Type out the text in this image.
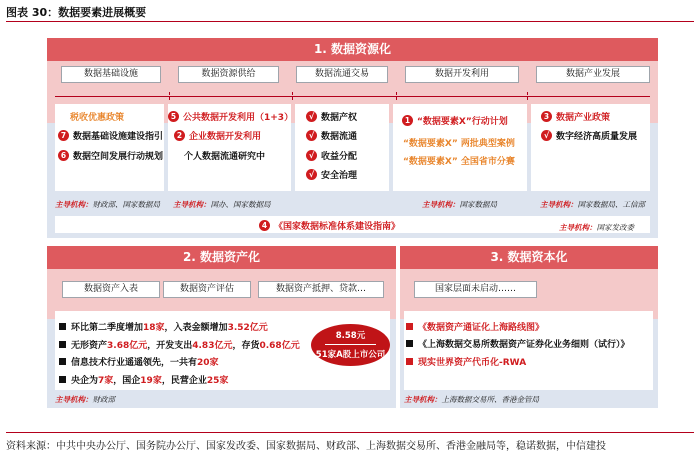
图表 30：数据要素进展概要
1. 数据资源化
数据基础设施	数据资源供给	数据流通交易	数据开发利用	数据产业发展
税收优惠政策
7 数据基础设施建设指引
6 数据空间发展行动规划
主导机构：财政部、国家数据局
5 公共数据开发利用（1+3）
2 企业数据开发利用
个人数据流通研究中
主导机构：国办、国家数据局
√ 数据产权
√ 数据流通
√ 收益分配
√ 安全治理
1 “数据要素X”行动计划
“数据要素X” 两批典型案例
“数据要素X” 全国省市分赛
主导机构：国家数据局
3 数据产业政策
√ 数字经济高质量发展
主导机构：国家数据局、工信部
4 《国家数据标准体系建设指南》	主导机构：国家发改委
2. 数据资产化
数据资产入表	数据资产评估	数据资产抵押、贷款…
环比第二季度增加 18家 ，入表金额增加 3.52亿元
无形资产 3.68亿元 ，开发支出 4.83亿元 ，存货 0.68亿元
信息技术行业遥遥领先，一共有 20家
央企为 7家 ，国企 19家 ，民营企业 25家
8.58元
51家A股上市公司
主导机构：财政部
3. 数据资本化
国家层面未启动……
《数据资产通证化上海路线图》
《上海数据交易所数据资产证券化业务细则（试行）》
现实世界资产代币化-RWA
主导机构：上海数据交易所、香港金管局
资料来源：中共中央办公厅、国务院办公厅、国家发改委、国家数据局、财政部、上海数据交易所、香港金融局等，稳诺数据，中信建投
